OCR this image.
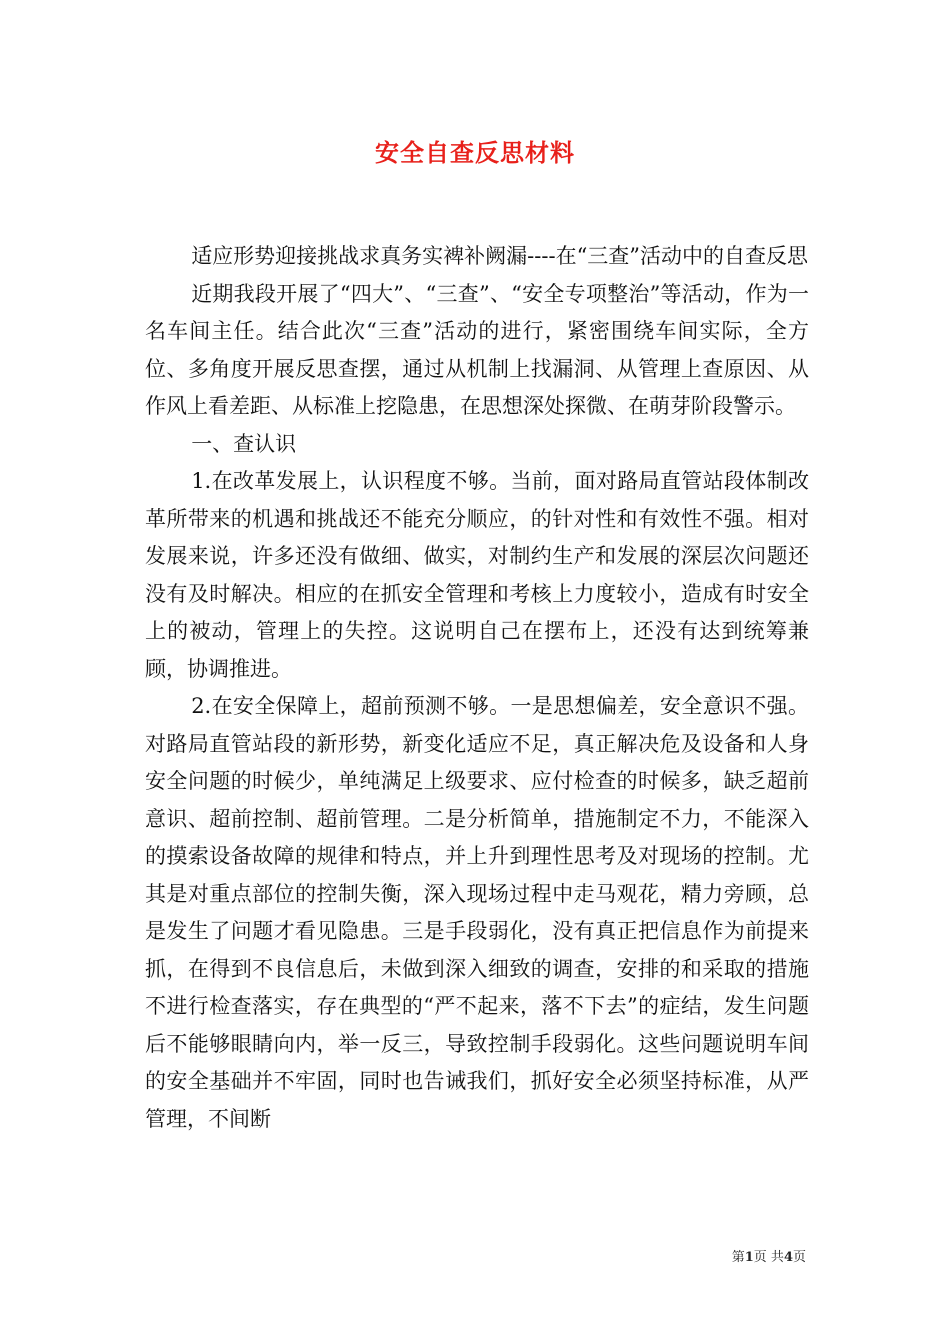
安全自查反思材料

适应形势迎接挑战求真务实裨补阙漏----在“三查”活动中的自查反思

近期我段开展了“四大”、“三查”、“安全专项整治”等活动，作为一名车间主任。结合此次“三查”活动的进行，紧密围绕车间实际，全方位、多角度开展反思查摆，通过从机制上找漏洞、从管理上查原因、从作风上看差距、从标准上挖隐患，在思想深处探微、在萌芽阶段警示。

一、查认识

1.在改革发展上，认识程度不够。当前，面对路局直管站段体制改革所带来的机遇和挑战还不能充分顺应，的针对性和有效性不强。相对发展来说，许多还没有做细、做实，对制约生产和发展的深层次问题还没有及时解决。相应的在抓安全管理和考核上力度较小，造成有时安全上的被动，管理上的失控。这说明自己在摆布上，还没有达到统筹兼顾，协调推进。

2.在安全保障上，超前预测不够。一是思想偏差，安全意识不强。对路局直管站段的新形势，新变化适应不足，真正解决危及设备和人身安全问题的时候少，单纯满足上级要求、应付检查的时候多，缺乏超前意识、超前控制、超前管理。二是分析简单，措施制定不力，不能深入的摸索设备故障的规律和特点，并上升到理性思考及对现场的控制。尤其是对重点部位的控制失衡，深入现场过程中走马观花，精力旁顾，总是发生了问题才看见隐患。三是手段弱化，没有真正把信息作为前提来抓，在得到不良信息后，未做到深入细致的调查，安排的和采取的措施不进行检查落实，存在典型的“严不起来，落不下去”的症结，发生问题后不能够眼睛向内，举一反三，导致控制手段弱化。这些问题说明车间的安全基础并不牢固，同时也告诫我们，抓好安全必须坚持标准，从严管理，不间断

第1页 共4页
